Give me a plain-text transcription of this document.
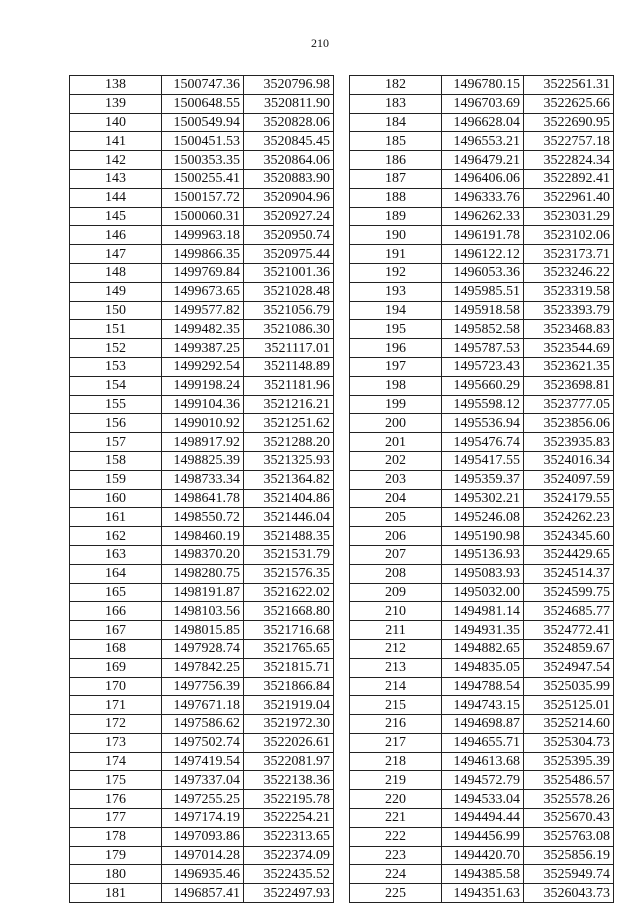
210
138	1500747.36	3520796.98
139	1500648.55	3520811.90
140	1500549.94	3520828.06
141	1500451.53	3520845.45
142	1500353.35	3520864.06
143	1500255.41	3520883.90
144	1500157.72	3520904.96
145	1500060.31	3520927.24
146	1499963.18	3520950.74
147	1499866.35	3520975.44
148	1499769.84	3521001.36
149	1499673.65	3521028.48
150	1499577.82	3521056.79
151	1499482.35	3521086.30
152	1499387.25	3521117.01
153	1499292.54	3521148.89
154	1499198.24	3521181.96
155	1499104.36	3521216.21
156	1499010.92	3521251.62
157	1498917.92	3521288.20
158	1498825.39	3521325.93
159	1498733.34	3521364.82
160	1498641.78	3521404.86
161	1498550.72	3521446.04
162	1498460.19	3521488.35
163	1498370.20	3521531.79
164	1498280.75	3521576.35
165	1498191.87	3521622.02
166	1498103.56	3521668.80
167	1498015.85	3521716.68
168	1497928.74	3521765.65
169	1497842.25	3521815.71
170	1497756.39	3521866.84
171	1497671.18	3521919.04
172	1497586.62	3521972.30
173	1497502.74	3522026.61
174	1497419.54	3522081.97
175	1497337.04	3522138.36
176	1497255.25	3522195.78
177	1497174.19	3522254.21
178	1497093.86	3522313.65
179	1497014.28	3522374.09
180	1496935.46	3522435.52
181	1496857.41	3522497.93
182	1496780.15	3522561.31
183	1496703.69	3522625.66
184	1496628.04	3522690.95
185	1496553.21	3522757.18
186	1496479.21	3522824.34
187	1496406.06	3522892.41
188	1496333.76	3522961.40
189	1496262.33	3523031.29
190	1496191.78	3523102.06
191	1496122.12	3523173.71
192	1496053.36	3523246.22
193	1495985.51	3523319.58
194	1495918.58	3523393.79
195	1495852.58	3523468.83
196	1495787.53	3523544.69
197	1495723.43	3523621.35
198	1495660.29	3523698.81
199	1495598.12	3523777.05
200	1495536.94	3523856.06
201	1495476.74	3523935.83
202	1495417.55	3524016.34
203	1495359.37	3524097.59
204	1495302.21	3524179.55
205	1495246.08	3524262.23
206	1495190.98	3524345.60
207	1495136.93	3524429.65
208	1495083.93	3524514.37
209	1495032.00	3524599.75
210	1494981.14	3524685.77
211	1494931.35	3524772.41
212	1494882.65	3524859.67
213	1494835.05	3524947.54
214	1494788.54	3525035.99
215	1494743.15	3525125.01
216	1494698.87	3525214.60
217	1494655.71	3525304.73
218	1494613.68	3525395.39
219	1494572.79	3525486.57
220	1494533.04	3525578.26
221	1494494.44	3525670.43
222	1494456.99	3525763.08
223	1494420.70	3525856.19
224	1494385.58	3525949.74
225	1494351.63	3526043.73
